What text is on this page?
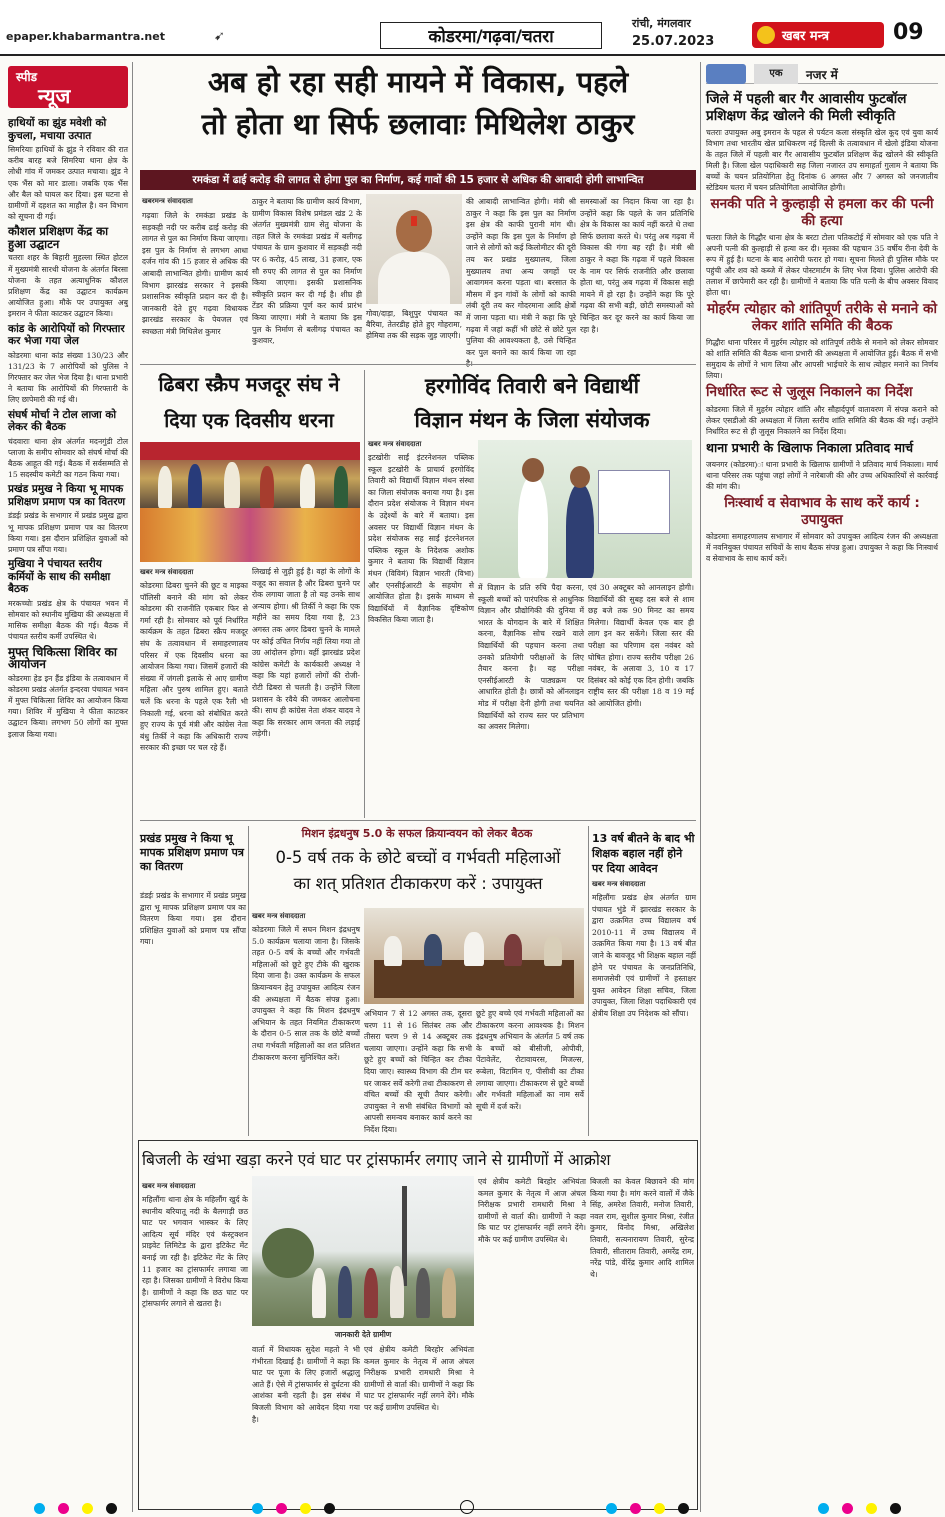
epaper.khabarmantra.net	➹	कोडरमा/गढ़वा/चतरा
रांची, मंगलवार
25.07.2023	खबर मन्त्र	09
स्पीड
न्यूज
हाथियों का झुंड मवेशी को कुचला, मचाया उत्पात
सिमरियाः हाथियों के झुंड ने रविवार की रात करीब बारह बजे सिमरिया थाना क्षेत्र के लोधी गांव में जमकर उत्पात मचाया। झुंड ने एक भैंस को मार डाला। जबकि एक भैंस और बैल को घायल कर दिया। इस घटना से ग्रामीणों में दहशत का माहौल है। वन विभाग को सूचना दी गई।
कौशल प्रशिक्षण केंद्र का हुआ उद्घाटन
चतराः शहर के बिहारी मुहल्ला स्थित होटल में मुख्यमंत्री सारथी योजना के अंतर्गत बिरसा योजना के तहत अत्याधुनिक कौशल प्रशिक्षण केंद्र का उद्घाटन कार्यक्रम आयोजित हुआ। मौके पर उपायुक्त अबु इमरान ने फीता काटकर उद्घाटन किया।
कांड के आरोपियों को गिरफ्तार कर भेजा गया जेल
कोडरमाः थाना कांड संख्या 130/23 और 131/23 के 7 आरोपियों को पुलिस ने गिरफ्तार कर जेल भेज दिया है। थाना प्रभारी ने बताया कि आरोपियों की गिरफ्तारी के लिए छापेमारी की गई थी।
संघर्ष मोर्चा ने टोल लाजा को लेकर की बैठक
चंदवाराः थाना क्षेत्र अंतर्गत मदनगुंडी टोल प्लाजा के समीप सोमवार को संघर्ष मोर्चा की बैठक आहूत की गई। बैठक में सर्वसम्मति से 15 सदस्यीय कमेटी का गठन किया गया।
प्रखंड प्रमुख ने किया भू मापक प्रशिक्षण प्रमाण पत्र का वितरण
डंडईः प्रखंड के सभागार में प्रखंड प्रमुख द्वारा भू मापक प्रशिक्षण प्रमाण पत्र का वितरण किया गया। इस दौरान प्रशिक्षित युवाओं को प्रमाण पत्र सौंपा गया।
मुखिया ने पंचायत स्तरीय कर्मियों के साथ की समीक्षा बैठक
मरकच्चोः प्रखंड क्षेत्र के पंचायत भवन में सोमवार को स्थानीय मुखिया की अध्यक्षता में मासिक समीक्षा बैठक की गई। बैठक में पंचायत स्तरीय कर्मी उपस्थित थे।
मुफ्त चिकित्सा शिविर का आयोजन
कोडरमाः हेड इन हैंड इंडिया के तत्वावधान में कोडरमा प्रखंड अंतर्गत इन्दरवा पंचायत भवन में मुफ्त चिकित्सा शिविर का आयोजन किया गया। शिविर में मुखिया ने फीता काटकर उद्घाटन किया। लगभग 50 लोगों का मुफ्त इलाज किया गया।
अब हो रहा सही मायने में विकास, पहले
तो होता था सिर्फ छलावाः मिथिलेश ठाकुर
रमकंडा में ढाई करोड़ की लागत से होगा पुल का निर्माण, कई गावों की 15 हजार से अधिक की आबादी होगी लाभान्वित
खबरमन्त्र संवाददाता
गढ़वाः जिले के रमकंडा प्रखंड के सड़कही नदी पर करीब ढाई करोड़ की लागत से पुल का निर्माण किया जाएगा। इस पुल के निर्माण से लगभग आधा दर्जन गांव की 15 हजार से अधिक की आबादी लाभान्वित होगी। ग्रामीण कार्य विभाग झारखंड सरकार ने इसकी प्रशासनिक स्वीकृति प्रदान कर दी है। जानकारी देते हुए गढ़वा विधायक झारखंड सरकार के पेयजल एवं स्वच्छता मंत्री मिथिलेश कुमार
ठाकुर ने बताया कि ग्रामीण कार्य विभाग, ग्रामीण विकास विशेष प्रमंडल खंड 2 के अंतर्गत मुख्यमंत्री ग्राम सेतु योजना के तहत जिले के रमकंडा प्रखंड में बलीगढ़ पंचायत के ग्राम कुशवार में सड़कही नदी पर 6 करोड़, 45 लाख, 31 हजार, एक सौ रुपए की लागत से पुल का निर्माण किया जाएगा। इसकी प्रशासनिक स्वीकृति प्रदान कर दी गई है। शीघ्र ही टेंडर की प्रक्रिया पूर्ण कर कार्य प्रारंभ किया जाएगा। मंत्री ने बताया कि इस पुल के निर्माण से बलीगढ़ पंचायत का कुशवार,
गोवा/दाड़ा, बिशुपुर पंचायत का बैरिया, तेतरडीह होते हुए गोहरामा, होमिया तक की सड़क जुड़ जाएगी।
की आबादी लाभान्वित होगी। मंत्री श्री ठाकुर ने कहा कि इस पुल का निर्माण इस क्षेत्र की काफी पुरानी मांग थी। उन्होंने कहा कि इस पुल के निर्माण हो जाने से लोगों को कई किलोमीटर की दूरी तय कर प्रखंड मुख्यालय, जिला मुख्यालय तथा अन्य जगहों पर आवागमन करना पड़ता था। बरसात के मौसम में इन गांवों के लोगों को काफी लंबी दूरी तय कर गोदरमाना आदि क्षेत्रों में जाना पड़ता था। मंत्री ने कहा कि पूरे गढ़वा में जहां कहीं भी छोटे से छोटे पुल पुलिया की आवश्यकता है, उसे चिन्हित कर पुल बनाने का कार्य किया जा रहा
समस्याओं का निदान किया जा रहा है। उन्होंने कहा कि पहले के जन प्रतिनिधि क्षेत्र के विकास का कार्य नहीं करते थे तथा सिर्फ छलावा करते थे। परंतु अब गढ़वा में विकास की गंगा बह रही है। मंत्री श्री ठाकुर ने कहा कि गढ़वा में पहले विकास के नाम पर सिर्फ राजनीति और छलावा होता था, परंतु अब गढ़वा में विकास सही मायने में हो रहा है। उन्होंने कहा कि पूरे गढ़वा की सभी बड़ी, छोटी समस्याओं को चिन्हित कर दूर करने का कार्य किया जा रहा है।
ढिबरा स्क्रैप मजदूर संघ ने
दिया एक दिवसीय धरना
खबर मन्त्र संवाददाता
कोडरमाः ढिबरा चुनने की छूट व माइका पॉलिसी बनाने की मांग को लेकर कोडरमा की राजनीति एकबार फिर से गर्मा रही है। सोमवार को पूर्व निर्धारित कार्यक्रम के तहत ढिबरा स्क्रैप मजदूर संघ के तत्वावधान में समाहरणालय परिसर में एक दिवसीय धरना का आयोजन किया गया। जिसमें हजारों की संख्या में जंगली इलाके से आए ग्रामीण महिला और पुरुष शामिल हुए। बताते चलें कि धरना के पहले एक रैली भी निकाली गई, धरना को संबोधित करते हुए राज्य के पूर्व मंत्री और कांग्रेस नेता बंधु तिर्की ने कहा कि अधिकारी राज्य सरकार की इच्छा पर चल रहे हैं।
लिखाई से जुड़ी हुई है। वहां के लोगों के वजूद का सवाल है और ढिबरा चुनने पर रोक लगाया जाता है तो यह उनके साथ अन्याय होगा। श्री तिर्की ने कहा कि एक महीने का समय दिया गया है, 23 अगस्त तक अगर ढिबरा चुनने के मामले पर कोई उचित निर्णय नहीं लिया गया तो उग्र आंदोलन होगा। वहीं झारखंड प्रदेश कांग्रेस कमेटी के कार्यकारी अध्यक्ष ने कहा कि यहां हजारों लोगों की रोजी-रोटी ढिबरा से चलती है। उन्होंने जिला प्रशासन के रवैये की जमकर आलोचना की। साथ ही कांग्रेस नेता शंकर यादव ने कहा कि सरकार आम जनता की लड़ाई लड़ेगी।
हरगोविंद तिवारी बने विद्यार्थी
विज्ञान मंथन के जिला संयोजक
खबर मन्त्र संवाददाता
इटखोरीः साईं इंटरनेशनल पब्लिक स्कूल इटखोरी के प्राचार्य हरगोविंद तिवारी को विद्यार्थी विज्ञान मंथन संस्था का जिला संयोजक बनाया गया है। इस दौरान प्रदेश संयोजक ने विज्ञान मंथन के उद्देश्यों के बारे में बताया। इस अवसर पर विद्यार्थी विज्ञान मंथन के प्रदेश संयोजक सह साईं इंटरनेशनल पब्लिक स्कूल के निदेशक अशोक कुमार ने बताया कि विद्यार्थी विज्ञान मंथन (विविमं) विज्ञान भारती (विभा) और एनसीईआरटी के सहयोग से आयोजित होता है। इसके माध्यम से विद्यार्थियों में वैज्ञानिक दृष्टिकोण विकसित किया जाता है।
में विज्ञान के प्रति रुचि पैदा करना, स्कूली बच्चों को पारंपरिक से आधुनिक विज्ञान और प्रौद्योगिकी की दुनिया में भारत के योगदान के बारे में शिक्षित करना, वैज्ञानिक सोच रखने वाले विद्यार्थियों की पहचान करना तथा उनको प्रतियोगी परीक्षाओं के लिए तैयार करना है। यह परीक्षा एनसीईआरटी के पाठ्यक्रम पर आधारित होती है। छात्रों को ऑनलाइन मोड में परीक्षा देनी होगी तथा चयनित विद्यार्थियों को राज्य स्तर पर प्रतिभाग का अवसर मिलेगा।
एवं 30 अक्टूबर को आनलाइन होगी। विद्यार्थियों की सुबह दस बजे से शाम छह बजे तक 90 मिनट का समय मिलेगा। विद्यार्थी केवल एक बार ही लाग इन कर सकेंगे। जिला स्तर की परीक्षा का परिणाम दस नवंबर को घोषित होगा। राज्य स्तरीय परीक्षा 26 नवंबर, के अलावा 3, 10 व 17 दिसंबर को कोई एक दिन होगी। जबकि राष्ट्रीय स्तर की परीक्षा 18 व 19 मई को आयोजित होगी।
मिशन इंद्रधनुष 5.0 के सफल क्रियान्वयन को लेकर बैठक
0-5 वर्ष तक के छोटे बच्चों व गर्भवती महिलाओं
का शत् प्रतिशत टीकाकरण करें : उपायुक्त
खबर मन्त्र संवाददाता
कोडरमाः जिले में सघन मिशन इंद्रधनुष 5.0 कार्यक्रम चलाया जाना है। जिसके तहत 0-5 वर्ष के बच्चों और गर्भवती महिलाओं को छूटे हुए टीके की खुराक दिया जाना है। उक्त कार्यक्रम के सफल क्रियान्वयन हेतु उपायुक्त आदित्य रंजन की अध्यक्षता में बैठक संपन्न हुआ। उपायुक्त ने कहा कि मिशन इंद्रधनुष अभियान के तहत नियमित टीकाकरण के दौरान 0-5 साल तक के छोटे बच्चों तथा गर्भवती महिलाओं का शत प्रतिशत टीकाकरण करना सुनिश्चित करें।
अभियान 7 से 12 अगस्त तक, दूसरा चरण 11 से 16 सितंबर तक और तीसरा चरण 9 से 14 अक्टूबर तक चलाया जाएगा। उन्होंने कहा कि सभी छूटे हुए बच्चों को चिन्हित कर टीका दिया जाए। स्वास्थ्य विभाग की टीम घर घर जाकर सर्वे करेगी तथा टीकाकरण से वंचित बच्चों की सूची तैयार करेगी। उपायुक्त ने सभी संबंधित विभागों को आपसी समन्वय बनाकर कार्य करने का निर्देश दिया।
छूटे हुए बच्चे एवं गर्भवती महिलाओं का टीकाकरण करना आवश्यक है। मिशन इंद्रधनुष अभियान के अंतर्गत 5 वर्ष तक के बच्चों को बीसीजी, ओपीवी, पेंटावेलेंट, रोटावायरस, मिजल्स, रूबेला, विटामिन ए, पीसीवी का टीका लगाया जाएगा। टीकाकरण से छूटे बच्चों और गर्भवती महिलाओं का नाम सर्वे सूची में दर्ज करें।
13 वर्ष बीतने के बाद भी
शिक्षक बहाल नहीं होने
पर दिया आवेदन
खबर मन्त्र संवाददाता
महिलौंगः प्रखंड क्षेत्र अंतर्गत ग्राम पंचायत भुंडे में झारखंड सरकार के द्वारा उत्क्रमित उच्च विद्यालय वर्ष 2010-11 में उच्च विद्यालय में उत्क्रमित किया गया है। 13 वर्ष बीत जाने के बावजूद भी शिक्षक बहाल नहीं होने पर पंचायत के जनप्रतिनिधि, समाजसेवी एवं ग्रामीणों ने हस्ताक्षर युक्त आवेदन शिक्षा सचिव, जिला उपायुक्त, जिला शिक्षा पदाधिकारी एवं क्षेत्रीय शिक्षा उप निदेशक को सौंपा।
प्रखंड प्रमुख ने किया भू मापक प्रशिक्षण प्रमाण पत्र का वितरण
डंडईः प्रखंड के सभागार में प्रखंड प्रमुख द्वारा भू मापक प्रशिक्षण प्रमाण पत्र का वितरण किया गया। इस दौरान प्रशिक्षित युवाओं को प्रमाण पत्र सौंपा गया।
बिजली के खंभा खड़ा करने एवं घाट पर ट्रांसफार्मर लगाए जाने से ग्रामीणों में आक्रोश
खबर मन्त्र संवाददाता
महिलौंगः थाना क्षेत्र के महिलौंग खुर्द के स्थानीय बरियातू नदी के बैलगाड़ी छठ घाट पर भगवान भास्कर के लिए आदित्य सूर्य मंदिर एवं कंस्ट्रक्शन प्राइवेट लिमिटेड के द्वारा इटिकेट मेंट बनाई जा रही है। इटिकेट मेंट के लिए 11 हजार का ट्रांसफार्मर लगाया जा रहा है। जिसका ग्रामीणों ने विरोध किया है। ग्रामीणों ने कहा कि छठ घाट पर ट्रांसफार्मर लगाने से खतरा है।
जानकारी देते ग्रामीण
वार्ता में विधायक सुदेश महतो ने भी गंभीरता दिखाई है। ग्रामीणों ने कहा कि घाट पर पूजा के लिए हजारों श्रद्धालु आते हैं। ऐसे में ट्रांसफार्मर से दुर्घटना की आशंका बनी रहती है। इस संबंध में बिजली विभाग को आवेदन दिया गया है।
एवं क्षेत्रीय कमेटी बिरहोर अभियंता कमल कुमार के नेतृत्व में आज अंचल निरीक्षक प्रभारी रामधारी मिश्रा ने ग्रामीणों से वार्ता की। ग्रामीणों ने कहा कि घाट पर ट्रांसफार्मर नहीं लगने देंगे। मौके पर कई ग्रामीण उपस्थित थे।
एवं क्षेत्रीय कमेटी बिरहोर अभियंता कमल कुमार के नेतृत्व में आज अंचल निरीक्षक प्रभारी रामधारी मिश्रा ने ग्रामीणों से वार्ता की। ग्रामीणों ने कहा कि घाट पर ट्रांसफार्मर नहीं लगने देंगे। मौके पर कई ग्रामीण उपस्थित थे।
बिजली का केवल बिछावने की मांग किया गया है। मांग करने वालों में जैके सिंह, अमरेश तिवारी, मनोज तिवारी, नवल राम, सुशील कुमार मिश्रा, रंजीत कुमार, विनोद मिश्रा, अखिलेश तिवारी, सत्यनारायण तिवारी, सुरेन्द्र तिवारी, सीताराम तिवारी, अमरेंद्र राम, नरेंद्र पांडे, वीरेंद्र कुमार आदि शामिल थे।
एक	नजर में
जिले में पहली बार गैर आवासीय फुटबॉल प्रशिक्षण केंद्र खोलने की मिली स्वीकृति
चतराः उपायुक्त अबु इमरान के पहल से पर्यटन कला संस्कृति खेल कूद एवं युवा कार्य विभाग तथा भारतीय खेल प्राधिकरण नई दिल्ली के तत्वावधान में खेलो इंडिया योजना के तहत जिले में पहली बार गैर आवासीय फुटबॉल प्रशिक्षण केंद्र खोलने की स्वीकृति मिली है। जिला खेल पदाधिकारी सह जिला नजारत उप समाहर्ता गुलाम ने बताया कि बच्चों के चयन प्रतियोगिता हेतु दिनांक 6 अगस्त और 7 अगस्त को जनजातीय स्टेडियम चतरा में चयन प्रतियोगिता आयोजित होगी।
सनकी पति ने कुल्हाड़ी से हमला कर की पत्नी की हत्या
चतराः जिले के गिद्धौर थाना क्षेत्र के बरटा टोला पतिकटोई में सोमवार को एक पति ने अपनी पत्नी की कुल्हाड़ी से हत्या कर दी। मृतका की पहचान 35 वर्षीय रीना देवी के रूप में हुई है। घटना के बाद आरोपी फरार हो गया। सूचना मिलते ही पुलिस मौके पर पहुंची और शव को कब्जे में लेकर पोस्टमार्टम के लिए भेज दिया। पुलिस आरोपी की तलाश में छापेमारी कर रही है। ग्रामीणों ने बताया कि पति पत्नी के बीच अक्सर विवाद होता था।
मोहर्रम त्योहार को शांतिपूर्ण तरीके से मनाने को लेकर शांति समिति की बैठक
गिद्धौरः थाना परिसर में मुहर्रम त्योहार को शांतिपूर्ण तरीके से मनाने को लेकर सोमवार को शांति समिति की बैठक थाना प्रभारी की अध्यक्षता में आयोजित हुई। बैठक में सभी समुदाय के लोगों ने भाग लिया और आपसी भाईचारे के साथ त्योहार मनाने का निर्णय लिया।
निर्धारित रूट से जुलूस निकालने का निर्देश
कोडरमाः जिले में मुहर्रम त्योहार शांति और सौहार्दपूर्ण वातावरण में संपन्न कराने को लेकर एसडीओ की अध्यक्षता में जिला स्तरीय शांति समिति की बैठक की गई। उन्होंने निर्धारित रूट से ही जुलूस निकालने का निर्देश दिया।
थाना प्रभारी के खिलाफ निकाला प्रतिवाद मार्च
जयनगर (कोडरमा)ः थाना प्रभारी के खिलाफ ग्रामीणों ने प्रतिवाद मार्च निकाला। मार्च थाना परिसर तक पहुंचा जहां लोगों ने नारेबाजी की और उच्च अधिकारियों से कार्रवाई की मांग की।
निःस्वार्थ व सेवाभाव के साथ करें कार्य : उपायुक्त
कोडरमाः समाहरणालय सभागार में सोमवार को उपायुक्त आदित्य रंजन की अध्यक्षता में नवनियुक्त पंचायत सचिवों के साथ बैठक संपन्न हुआ। उपायुक्त ने कहा कि निःस्वार्थ व सेवाभाव के साथ कार्य करें।
